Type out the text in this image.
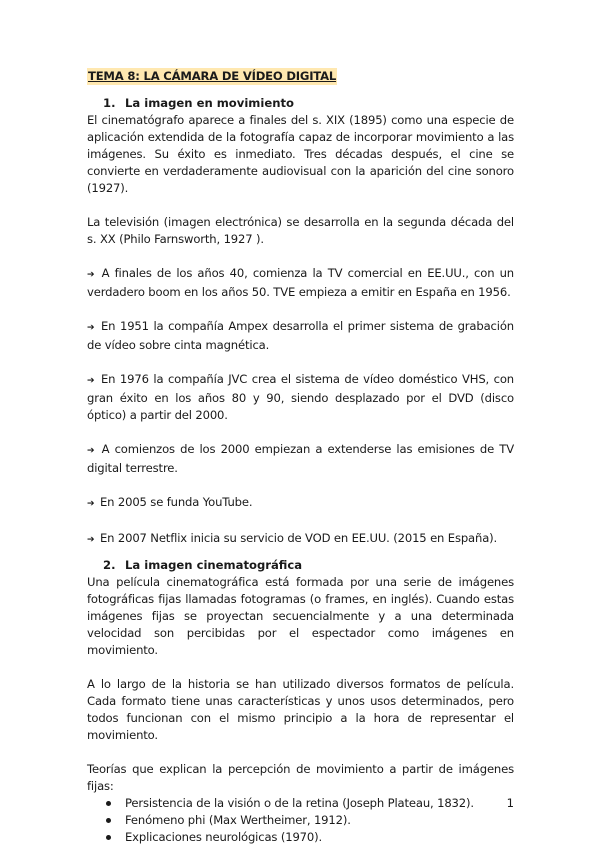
TEMA 8: LA CÁMARA DE VÍDEO DIGITAL
1. La imagen en movimiento

El cinematógrafo aparece a finales del s. XIX (1895) como una especie de aplicación extendida de la fotografía capaz de incorporar movimiento a las imágenes. Su éxito es inmediato. Tres décadas después, el cine se convierte en verdaderamente audiovisual con la aparición del cine sonoro (1927).

La televisión (imagen electrónica) se desarrolla en la segunda década del s. XX (Philo Farnsworth, 1927 ).

➔ A finales de los años 40, comienza la TV comercial en EE.UU., con un verdadero boom en los años 50. TVE empieza a emitir en España en 1956.

➔ En 1951 la compañía Ampex desarrolla el primer sistema de grabación de vídeo sobre cinta magnética.

➔ En 1976 la compañía JVC crea el sistema de vídeo doméstico VHS, con gran éxito en los años 80 y 90, siendo desplazado por el DVD (disco óptico) a partir del 2000.

➔ A comienzos de los 2000 empiezan a extenderse las emisiones de TV digital terrestre.

➔ En 2005 se funda YouTube.

➔ En 2007 Netflix inicia su servicio de VOD en EE.UU. (2015 en España).

2. La imagen cinematográfica

Una película cinematográfica está formada por una serie de imágenes fotográficas fijas llamadas fotogramas (o frames, en inglés). Cuando estas imágenes fijas se proyectan secuencialmente y a una determinada velocidad son percibidas por el espectador como imágenes en movimiento.

A lo largo de la historia se han utilizado diversos formatos de película. Cada formato tiene unas características y unos usos determinados, pero todos funcionan con el mismo principio a la hora de representar el movimiento.

Teorías que explican la percepción de movimiento a partir de imágenes fijas:

Persistencia de la visión o de la retina (Joseph Plateau, 1832).
Fenómeno phi (Max Wertheimer, 1912).
Explicaciones neurológicas (1970).
1
